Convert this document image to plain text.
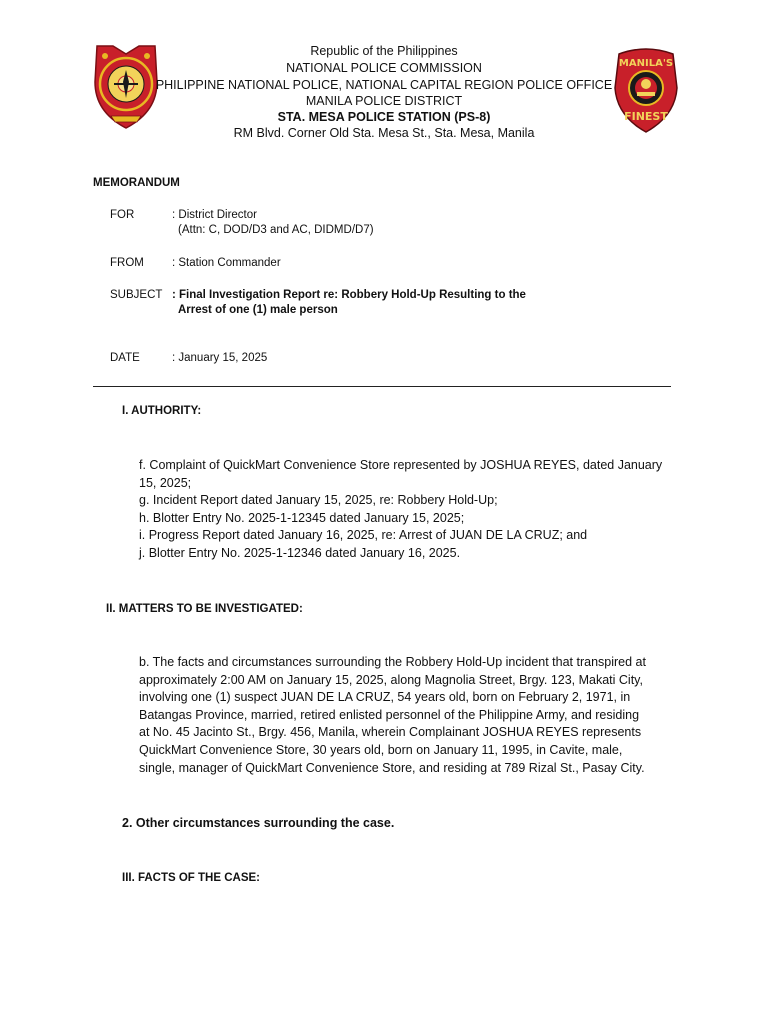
MANILA'S
FINEST
Republic of the Philippines
NATIONAL POLICE COMMISSION
PHILIPPINE NATIONAL POLICE, NATIONAL CAPITAL REGION POLICE OFFICE
MANILA POLICE DISTRICT
STA. MESA POLICE STATION (PS-8)
RM Blvd. Corner Old Sta. Mesa St., Sta. Mesa, Manila
MEMORANDUM
FOR	: District Director
(Attn: C, DOD/D3 and AC, DIDMD/D7)
FROM : Station Commander
SUBJECT : Final Investigation Report re: Robbery Hold-Up Resulting to the
Arrest of one (1) male person
DATE	: January 15, 2025
I. AUTHORITY:
f. Complaint of QuickMart Convenience Store represented by JOSHUA REYES, dated January
15, 2025;
g. Incident Report dated January 15, 2025, re: Robbery Hold-Up;
h. Blotter Entry No. 2025-1-12345 dated January 15, 2025;
i. Progress Report dated January 16, 2025, re: Arrest of JUAN DE LA CRUZ; and
j. Blotter Entry No. 2025-1-12346 dated January 16, 2025.
II. MATTERS TO BE INVESTIGATED:
b. The facts and circumstances surrounding the Robbery Hold-Up incident that transpired at
approximately 2:00 AM on January 15, 2025, along Magnolia Street, Brgy. 123, Makati City,
involving one (1) suspect JUAN DE LA CRUZ, 54 years old, born on February 2, 1971, in
Batangas Province, married, retired enlisted personnel of the Philippine Army, and residing
at No. 45 Jacinto St., Brgy. 456, Manila, wherein Complainant JOSHUA REYES represents
QuickMart Convenience Store, 30 years old, born on January 11, 1995, in Cavite, male,
single, manager of QuickMart Convenience Store, and residing at 789 Rizal St., Pasay City.
2. Other circumstances surrounding the case.
III. FACTS OF THE CASE:
